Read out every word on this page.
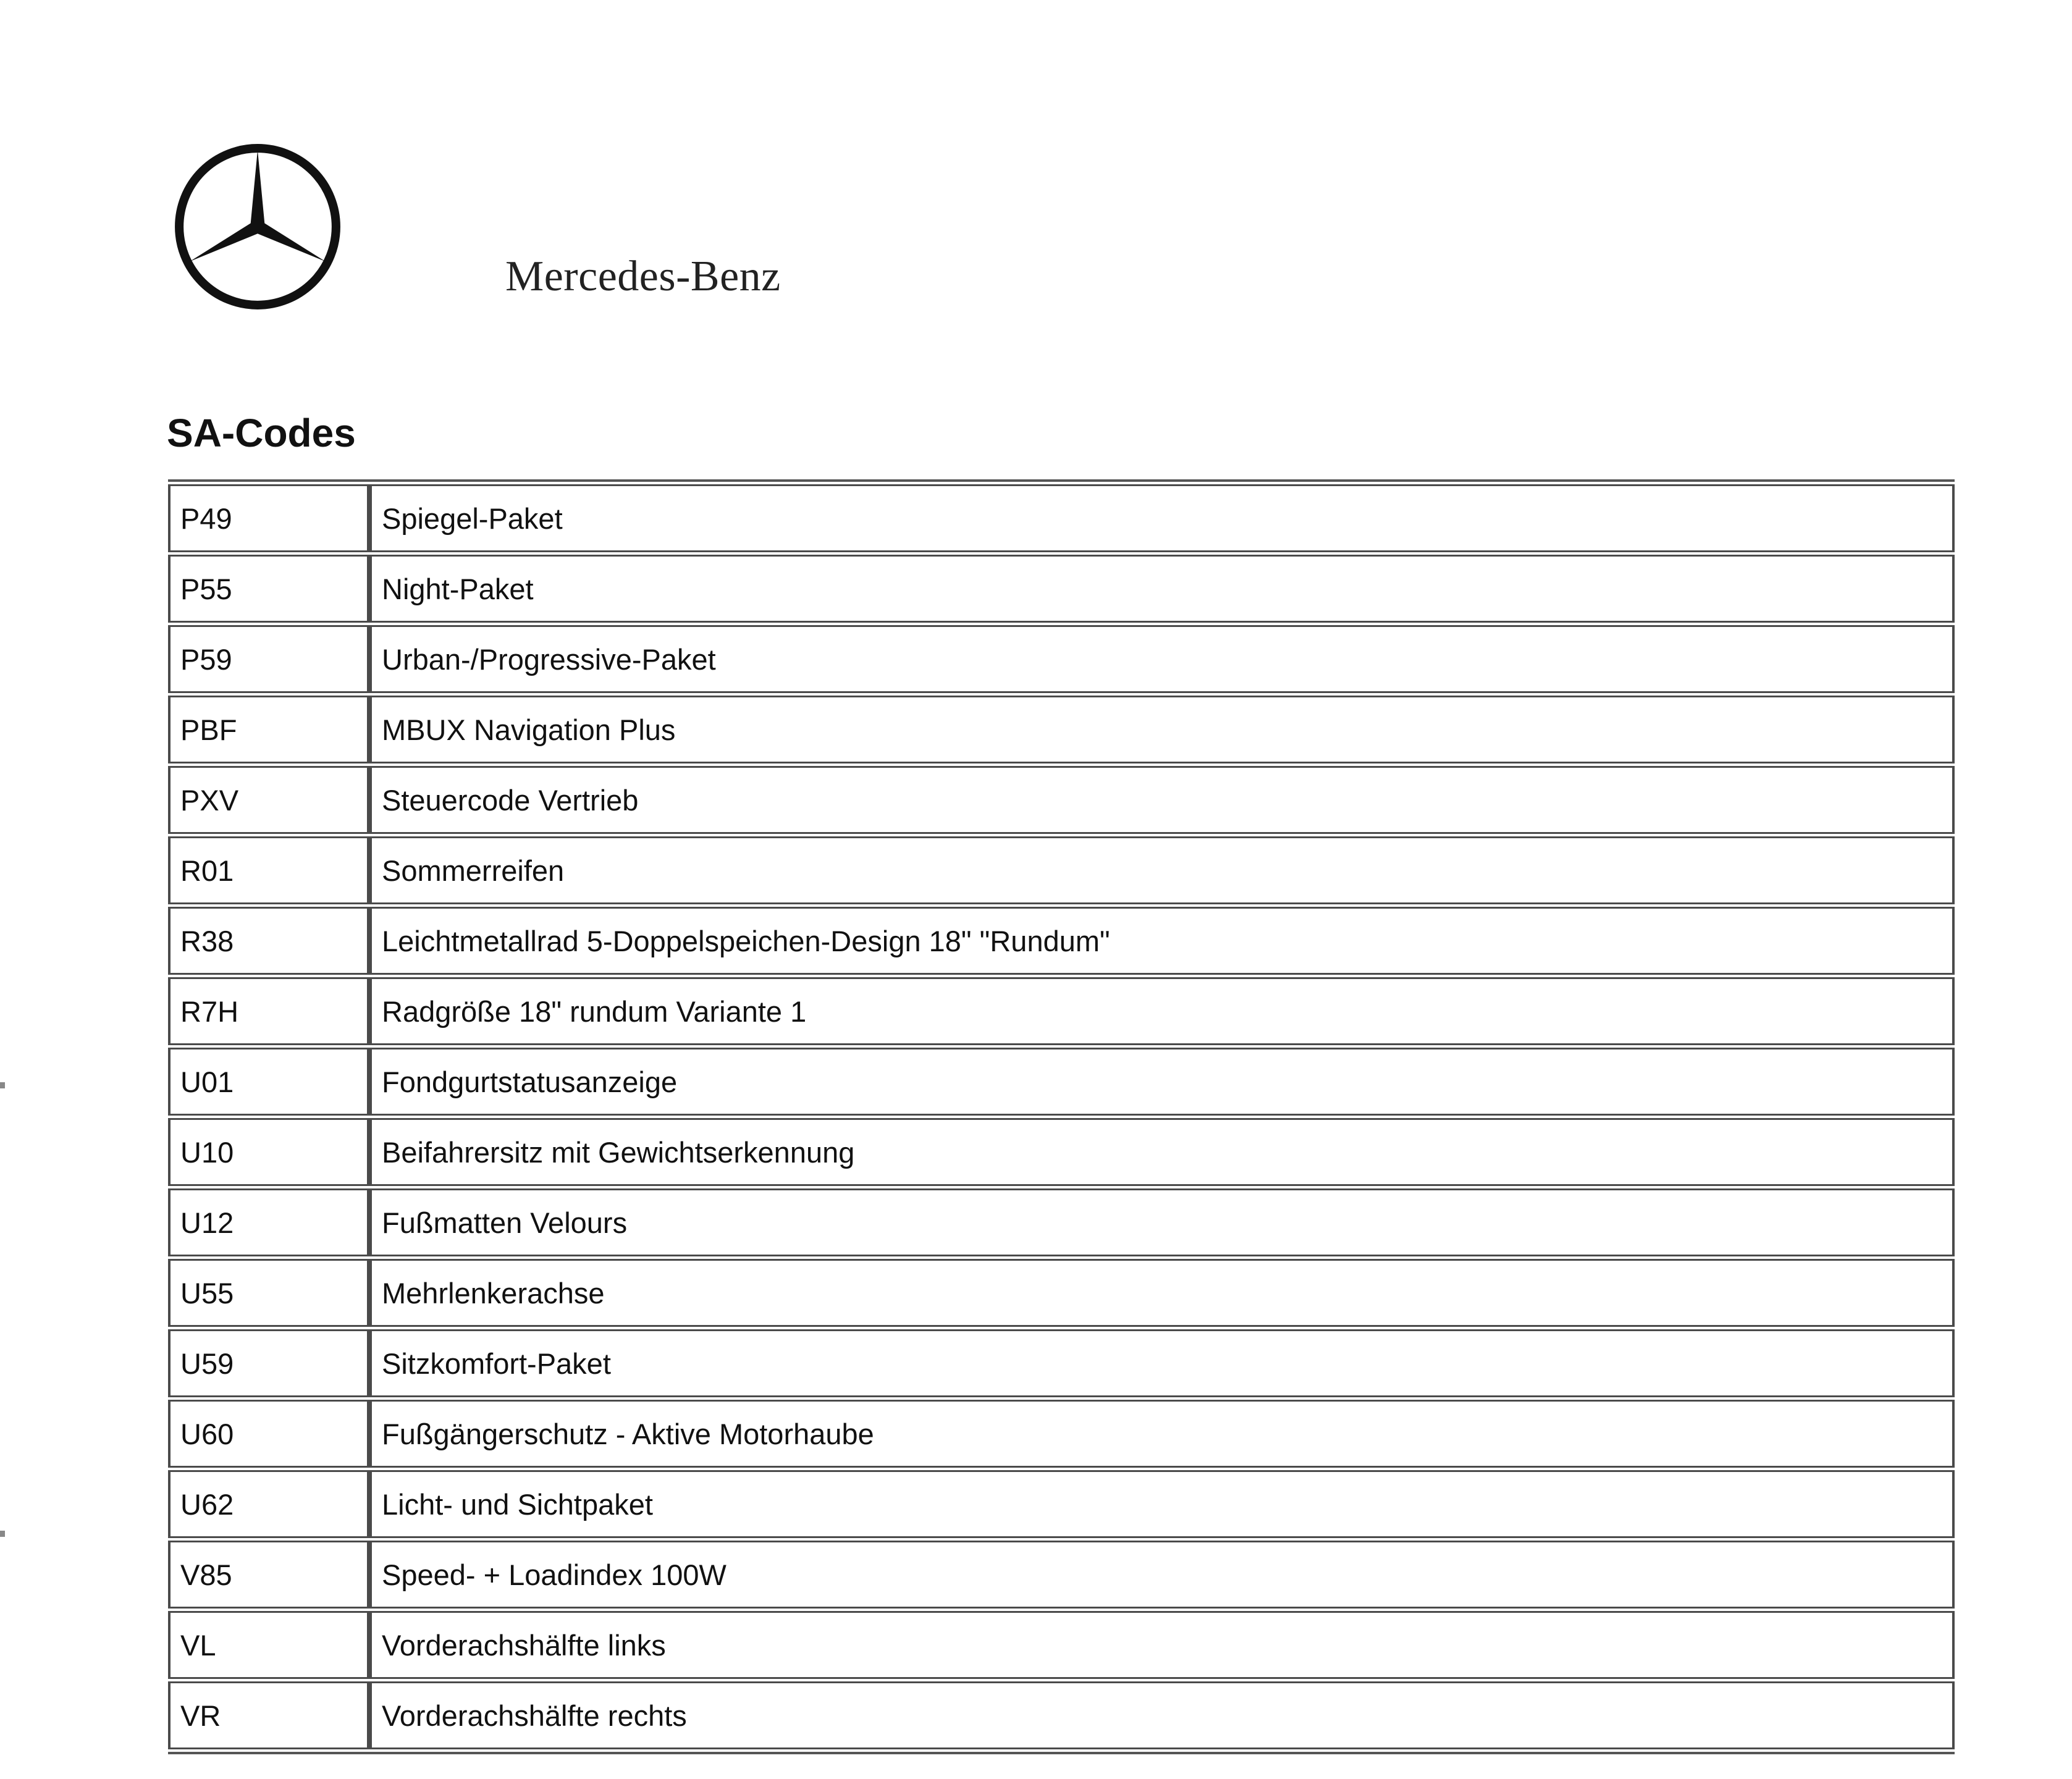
Mercedes-Benz
SA-Codes
P49	Spiegel-Paket
P55	Night-Paket
P59	Urban-/Progressive-Paket
PBF	MBUX Navigation Plus
PXV	Steuercode Vertrieb
R01	Sommerreifen
R38	Leichtmetallrad 5-Doppelspeichen-Design 18" "Rundum"
R7H	Radgröße 18" rundum Variante 1
U01	Fondgurtstatusanzeige
U10	Beifahrersitz mit Gewichtserkennung
U12	Fußmatten Velours
U55	Mehrlenkerachse
U59	Sitzkomfort-Paket
U60	Fußgängerschutz - Aktive Motorhaube
U62	Licht- und Sichtpaket
V85	Speed- + Loadindex 100W
VL	Vorderachshälfte links
VR	Vorderachshälfte rechts
